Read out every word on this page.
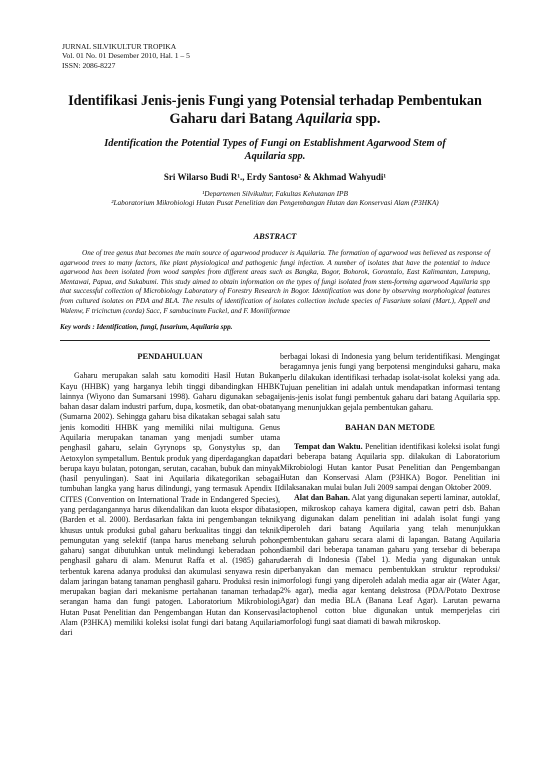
JURNAL SILVIKULTUR TROPIKA
Vol. 01 No. 01 Desember 2010, Hal. 1 – 5
ISSN: 2086-8227
Identifikasi Jenis-jenis Fungi yang Potensial terhadap Pembentukan
Gaharu dari Batang Aquilaria spp.
Identification the Potential Types of Fungi on Establishment Agarwood Stem of
Aquilaria spp.
Sri Wilarso Budi R¹., Erdy Santoso² & Akhmad Wahyudi¹
¹Departemen Silvikultur, Fakultas Kehutanan IPB
²Laboratorium Mikrobiologi Hutan Pusat Penelitian dan Pengembangan Hutan dan Konservasi Alam (P3HKA)
ABSTRACT
One of tree genus that becomes the main source of agarwood producer is Aquilaria. The formation of agarwood was believed as response of agarwood trees to many factors, like plant physiological and pathogenic fungi infection. A number of isolates that have the potential to induce agarwood has been isolated from wood samples from different areas such as Bangka, Bogor, Bohorok, Gorontalo, East Kalimantan, Lampung, Mentawai, Papua, and Sukabumi. This study aimed to obtain information on the types of fungi isolated from stem-forming agarwood Aquilaria spp that successful collection of Microbiology Laboratory of Forestry Research in Bogor. Identification was done by observing morphological features from cultured isolates on PDA and BLA. The results of identification of isolates collection include species of Fusarium solani (Mart.), Appell and Walenw, F tricinctum (corda) Sacc, F sambucinum Fuckel, and F. Moniliformae
Key words : Identification, fungi, fusarium, Aquilaria spp.

PENDAHULUAN

Gaharu merupakan salah satu komoditi Hasil Hutan Bukan Kayu (HHBK) yang harganya lebih tinggi dibandingkan HHBK lainnya (Wiyono dan Sumarsani 1998). Gaharu digunakan sebagai bahan dasar dalam industri parfum, dupa, kosmetik, dan obat-obatan (Sumarna 2002). Sehingga gaharu bisa dikatakan sebagai salah satu jenis komoditi HHBK yang memiliki nilai multiguna. Genus Aquilaria merupakan tanaman yang menjadi sumber utama penghasil gaharu, selain Gyrynops sp, Gonystylus sp, dan Aetoxylon sympetallum. Bentuk produk yang diperdagangkan dapat berupa kayu bulatan, potongan, serutan, cacahan, bubuk dan minyak (hasil penyulingan). Saat ini Aquilaria dikategorikan sebagai tumbuhan langka yang harus dilindungi, yang termasuk Apendix II CITES (Convention on International Trade in Endangered Species), yang perdagangannya harus dikendalikan dan kuota ekspor dibatasi (Barden et al. 2000). Berdasarkan fakta ini pengembangan teknik khusus untuk produksi gubal gaharu berkualitas tinggi dan teknik pemungutan yang selektif (tanpa harus menebang seluruh pohon gaharu) sangat dibutuhkan untuk melindungi keberadaan pohon penghasil gaharu di alam. Menurut Raffa et al. (1985) gaharu terbentuk karena adanya produksi dan akumulasi senyawa resin di dalam jaringan batang tanaman penghasil gaharu. Produksi resin ini merupakan bagian dari mekanisme pertahanan tanaman terhadap serangan hama dan fungi patogen. Laboratorium Mikrobiologi Hutan Pusat Penelitian dan Pengembangan Hutan dan Konservasi Alam (P3HKA) memiliki koleksi isolat fungi dari batang Aquilaria dari

berbagai lokasi di Indonesia yang belum teridentifikasi. Mengingat beragamnya jenis fungi yang berpotensi menginduksi gaharu, maka perlu dilakukan identifikasi terhadap isolat-isolat koleksi yang ada. Tujuan penelitian ini adalah untuk mendapatkan informasi tentang jenis-jenis isolat fungi pembentuk gaharu dari batang Aquilaria spp. yang menunjukkan gejala pembentukan gaharu.

BAHAN DAN METODE

Tempat dan Waktu. Penelitian identifikasi koleksi isolat fungi dari beberapa batang Aquilaria spp. dilakukan di Laboratorium Mikrobiologi Hutan kantor Pusat Penelitian dan Pengembangan Hutan dan Konservasi Alam (P3HKA) Bogor. Penelitian ini dilaksanakan mulai bulan Juli 2009 sampai dengan Oktober 2009.

Alat dan Bahan. Alat yang digunakan seperti laminar, autoklaf, open, mikroskop cahaya kamera digital, cawan petri dsb. Bahan yang digunakan dalam penelitian ini adalah isolat fungi yang diperoleh dari batang Aquilaria yang telah menunjukkan pembentukan gaharu secara alami di lapangan. Batang Aquilaria diambil dari beberapa tanaman gaharu yang tersebar di beberapa daerah di Indonesia (Tabel 1). Media yang digunakan untuk perbanyakan dan memacu pembentukkan struktur reproduksi/ morfologi fungi yang diperoleh adalah media agar air (Water Agar, 2% agar), media agar kentang dekstrosa (PDA/Potato Dextrose Agar) dan media BLA (Banana Leaf Agar). Larutan pewarna lactophenol cotton blue digunakan untuk memperjelas ciri morfologi fungi saat diamati di bawah mikroskop.
